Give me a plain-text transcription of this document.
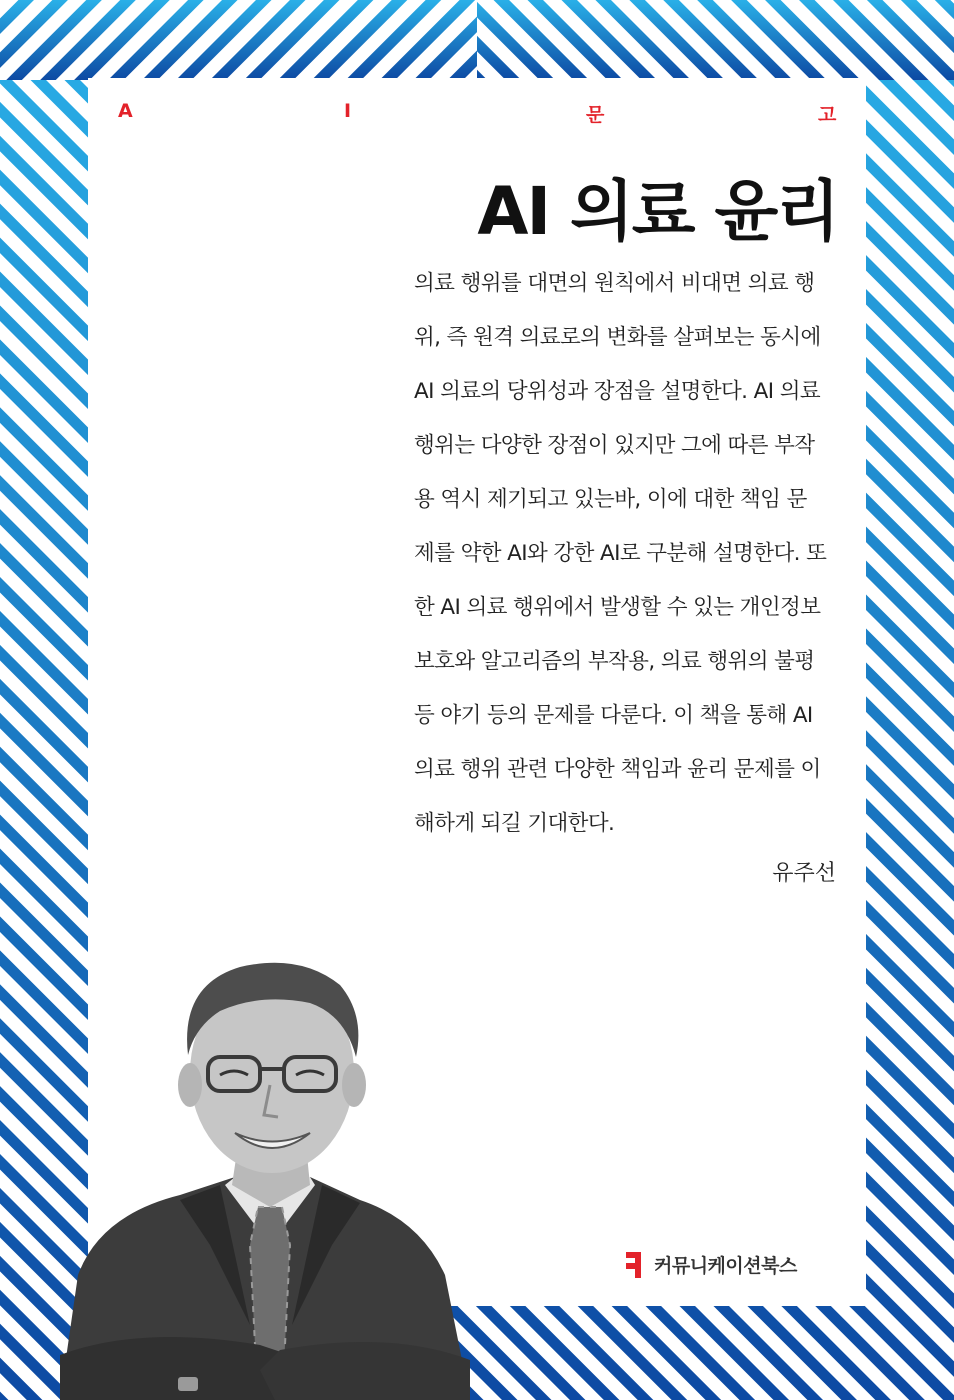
A	I	문	고
AI 의료 윤리
의료 행위를 대면의 원칙에서 비대면 의료 행
위, 즉 원격 의료로의 변화를 살펴보는 동시에
AI 의료의 당위성과 장점을 설명한다. AI 의료
행위는 다양한 장점이 있지만 그에 따른 부작
용 역시 제기되고 있는바, 이에 대한 책임 문
제를 약한 AI와 강한 AI로 구분해 설명한다. 또
한 AI 의료 행위에서 발생할 수 있는 개인정보
보호와 알고리즘의 부작용, 의료 행위의 불평
등 야기 등의 문제를 다룬다. 이 책을 통해 AI
의료 행위 관련 다양한 책임과 윤리 문제를 이
해하게 되길 기대한다.
유주선
커뮤니케이션북스
